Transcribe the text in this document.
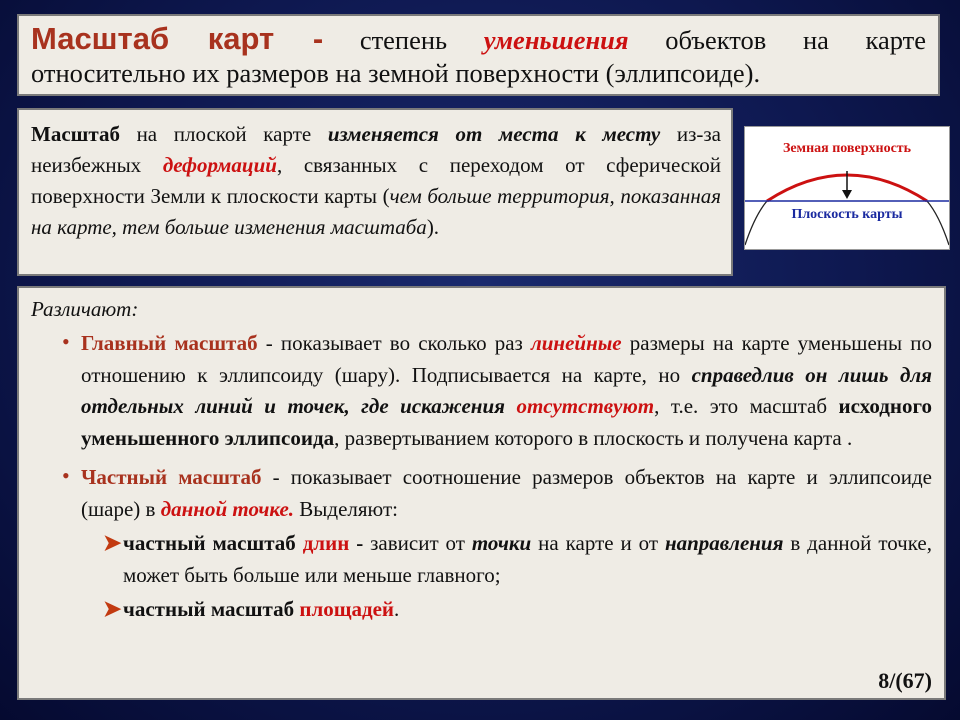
Масштаб карт - степень уменьшения объектов на карте
относительно их размеров на земной поверхности (эллипсоиде).
Масштаб на плоской карте изменяется от места к месту из-за неизбежных деформаций, связанных с переходом от сферической поверхности Земли к плоскости карты (чем больше территория, показанная на карте, тем больше изменения масштаба).
Земная поверхность
Плоскость карты
Различают:
• Главный масштаб - показывает во сколько раз линейные размеры на карте уменьшены по отношению к эллипсоиду (шару). Подписывается на карте, но справедлив он лишь для отдельных линий и точек, где искажения отсутствуют, т.е. это масштаб исходного уменьшенного эллипсоида, развертыванием которого в плоскость и получена карта .
• Частный масштаб - показывает соотношение размеров объектов на карте и эллипсоиде (шаре) в данной точке. Выделяют:
➤ частный масштаб длин - зависит от точки на карте и от направления в данной точке, может быть больше или меньше главного;
➤ частный масштаб площадей.
8/(67)
